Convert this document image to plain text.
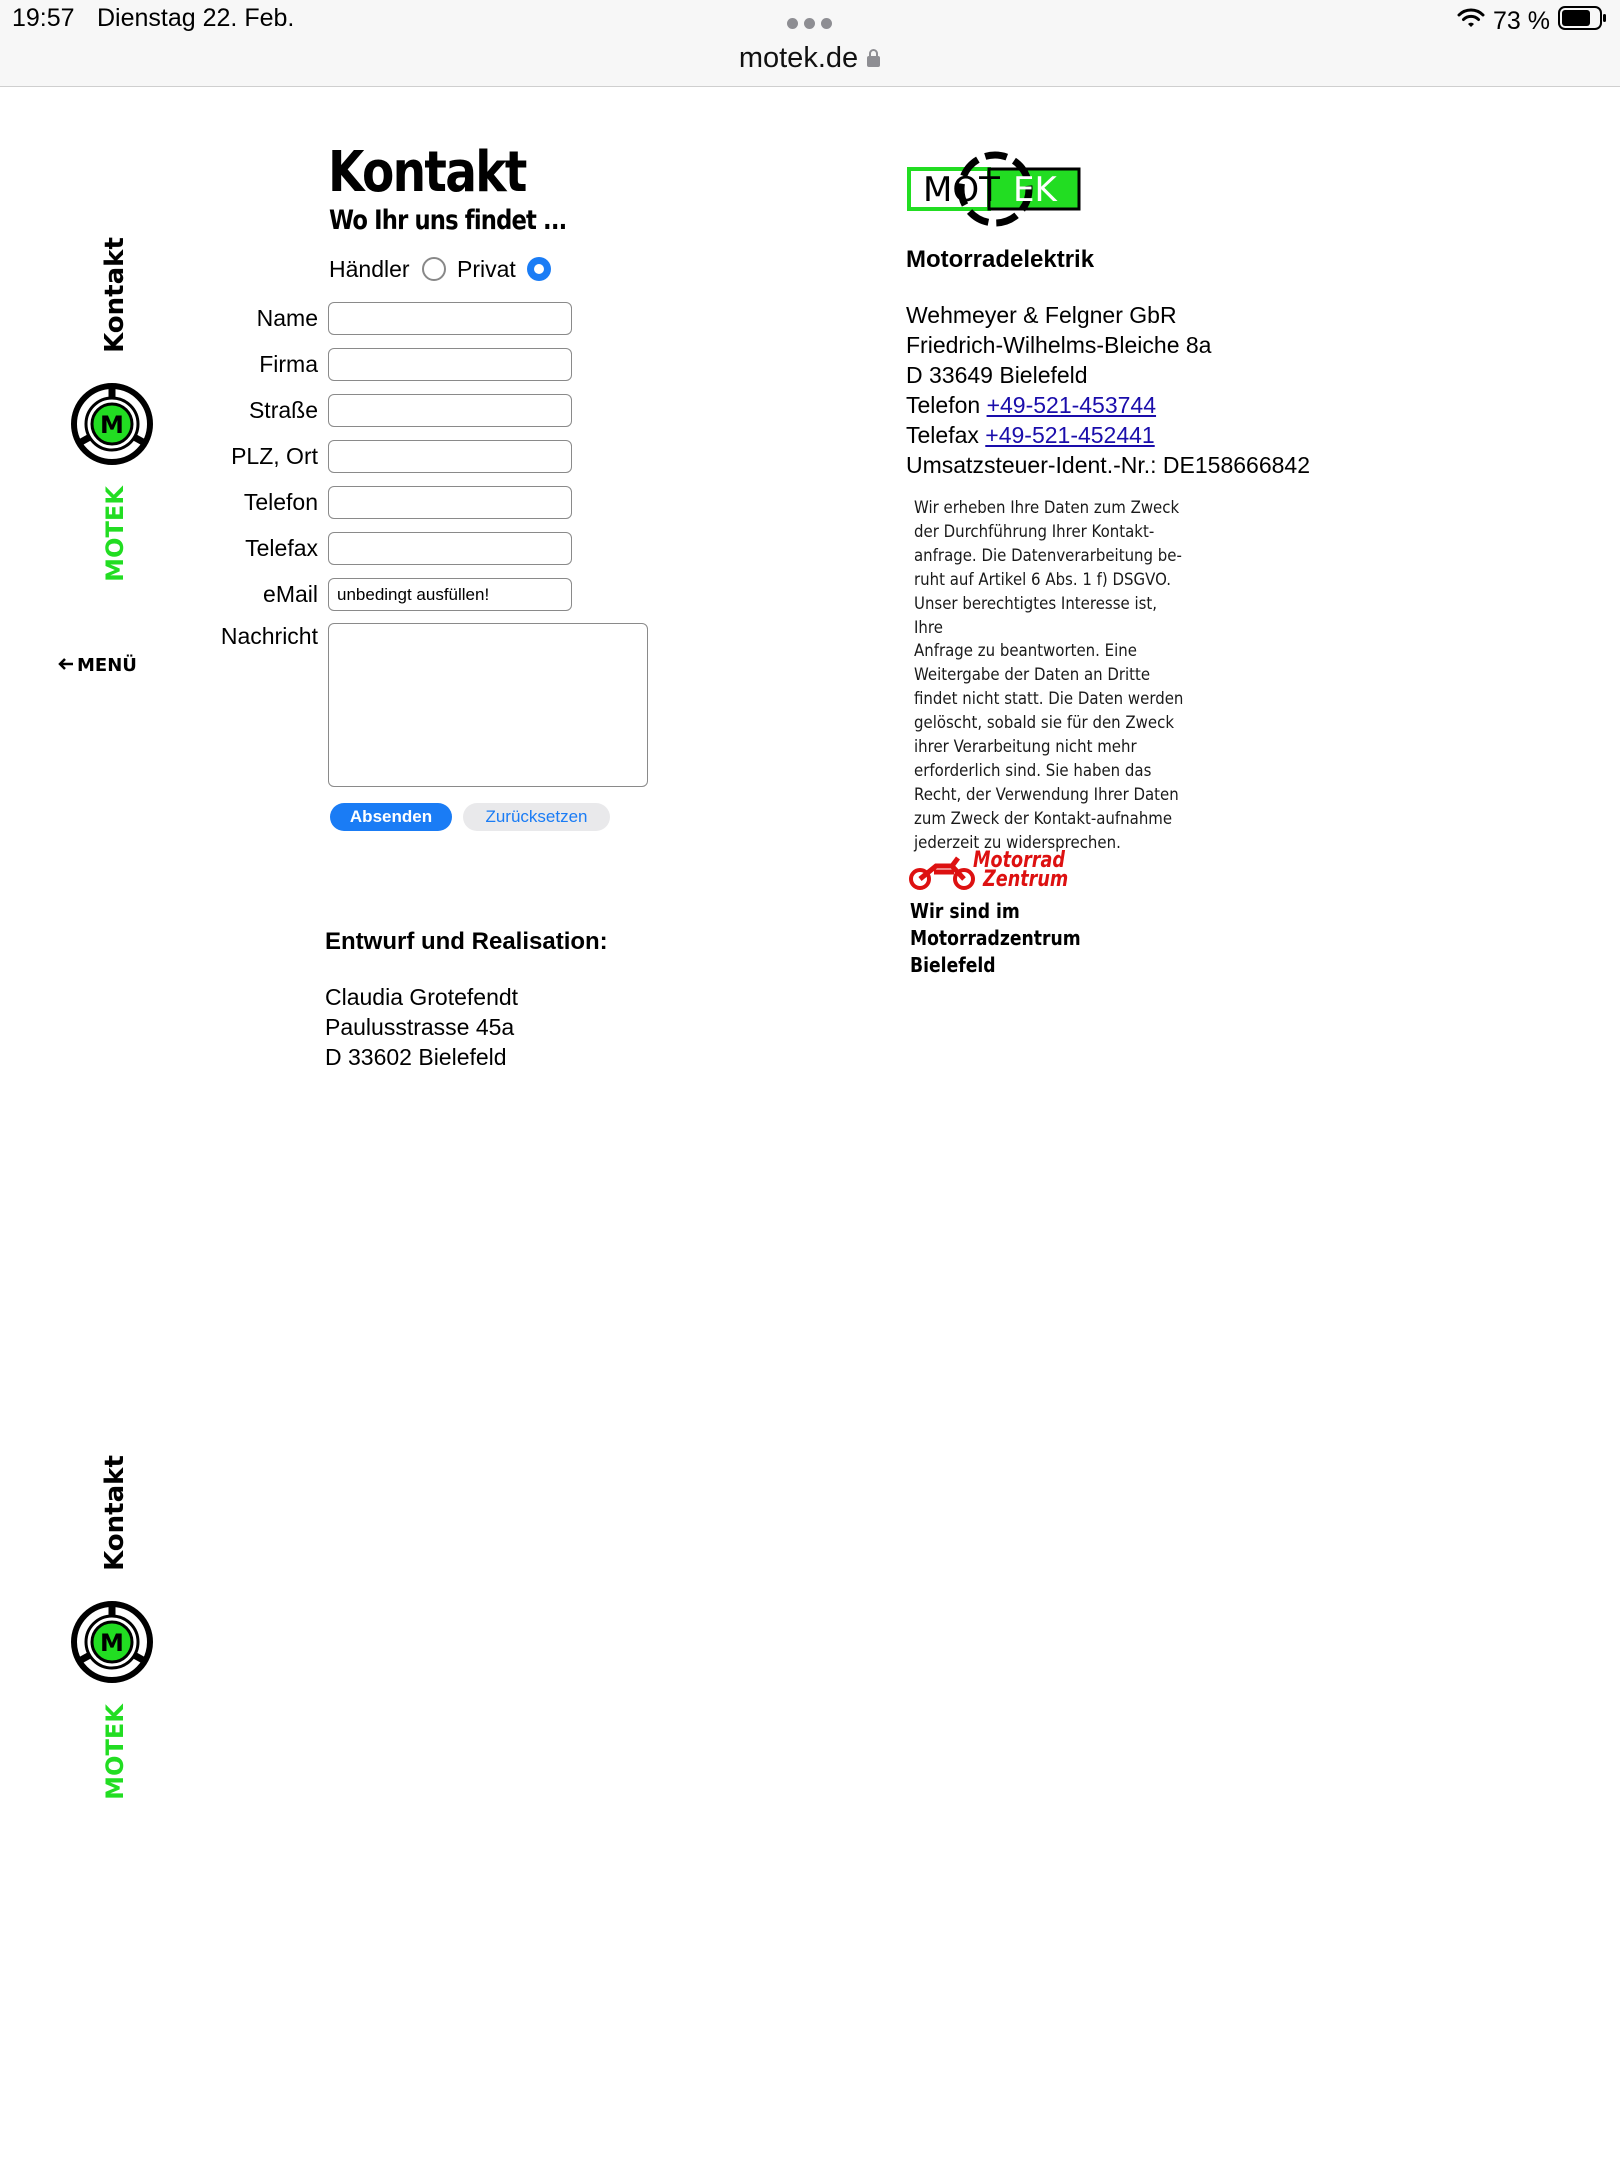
19:57 Dienstag 22. Feb.
motek.de
73 %
Kontakt
M
MOTEK
MENÜ
Kontakt
M
MOTEK
Kontakt
Wo Ihr uns findet ...
Händler Privat
Name
Firma
Straße
PLZ, Ort
Telefon
Telefax
eMail
unbedingt ausfüllen!
Nachricht
Absenden	Zurücksetzen
Entwurf und Realisation:
Claudia Grotefendt
Paulusstrasse 45a
D 33602 Bielefeld
MOT EK
Motorradelektrik
Wehmeyer & Felgner GbR
Friedrich-Wilhelms-Bleiche 8a
D 33649 Bielefeld
Telefon +49-521-453744
Telefax +49-521-452441
Umsatzsteuer-Ident.-Nr.: DE158666842
Wir erheben Ihre Daten zum Zweck
der Durchführung Ihrer Kontakt-
anfrage. Die Datenverarbeitung be-
ruht auf Artikel 6 Abs. 1 f) DSGVO.
Unser berechtigtes Interesse ist, Ihre
Anfrage zu beantworten. Eine
Weitergabe der Daten an Dritte
findet nicht statt. Die Daten werden
gelöscht, sobald sie für den Zweck
ihrer Verarbeitung nicht mehr
erforderlich sind. Sie haben das
Recht, der Verwendung Ihrer Daten
zum Zweck der Kontakt-aufnahme
jederzeit zu widersprechen.
Motorrad
Zentrum
Wir sind im
Motorradzentrum
Bielefeld
